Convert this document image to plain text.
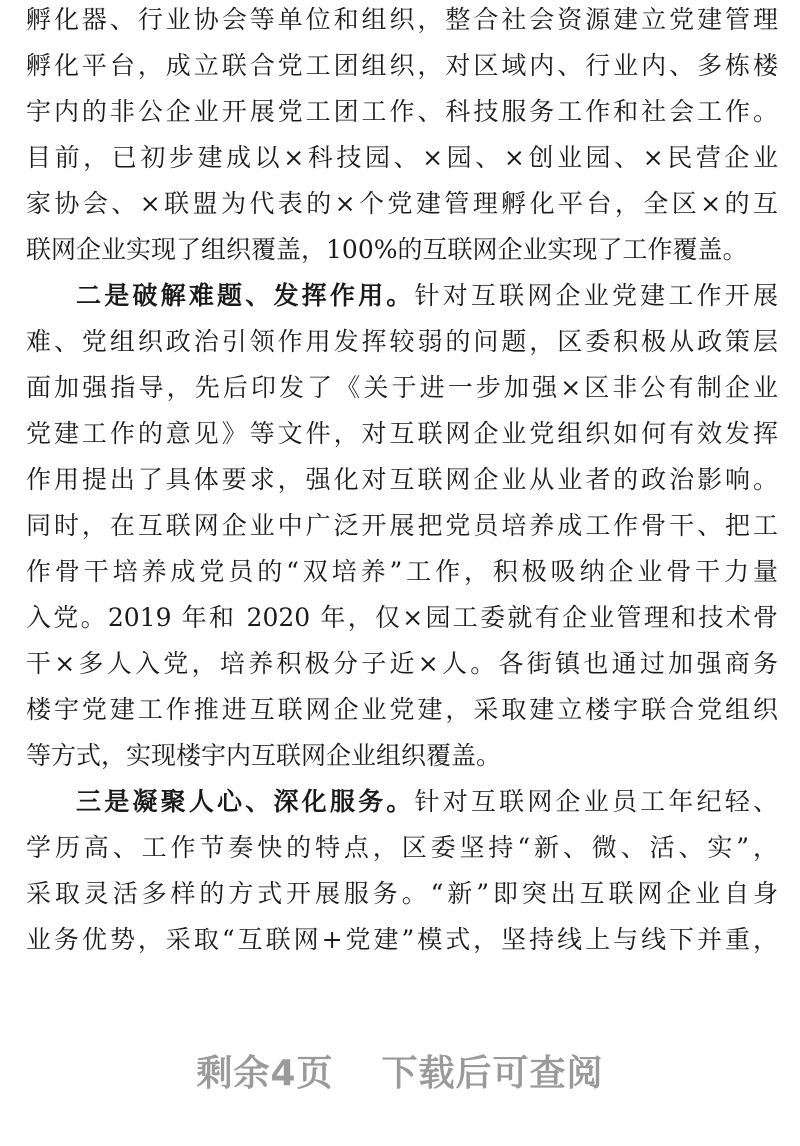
孵化器、行业协会等单位和组织，整合社会资源建立党建管理
孵化平台，成立联合党工团组织，对区域内、行业内、多栋楼
宇内的非公企业开展党工团工作、科技服务工作和社会工作。
目前，已初步建成以×科技园、×园、×创业园、×民营企业
家协会、×联盟为代表的×个党建管理孵化平台，全区×的互
联网企业实现了组织覆盖，100%的互联网企业实现了工作覆盖。
二是破解难题、发挥作用。针对互联网企业党建工作开展
难、党组织政治引领作用发挥较弱的问题，区委积极从政策层
面加强指导，先后印发了《关于进一步加强×区非公有制企业
党建工作的意见》等文件，对互联网企业党组织如何有效发挥
作用提出了具体要求，强化对互联网企业从业者的政治影响。
同时，在互联网企业中广泛开展把党员培养成工作骨干、把工
作骨干培养成党员的“双培养”工作，积极吸纳企业骨干力量
入党。2019 年和 2020 年，仅×园工委就有企业管理和技术骨
干×多人入党，培养积极分子近×人。各街镇也通过加强商务
楼宇党建工作推进互联网企业党建，采取建立楼宇联合党组织
等方式，实现楼宇内互联网企业组织覆盖。
三是凝聚人心、深化服务。针对互联网企业员工年纪轻、
学历高、工作节奏快的特点，区委坚持“新、微、活、实”，
采取灵活多样的方式开展服务。“新”即突出互联网企业自身
业务优势，采取“互联网+党建”模式，坚持线上与线下并重，
剩余4页 下载后可查阅
